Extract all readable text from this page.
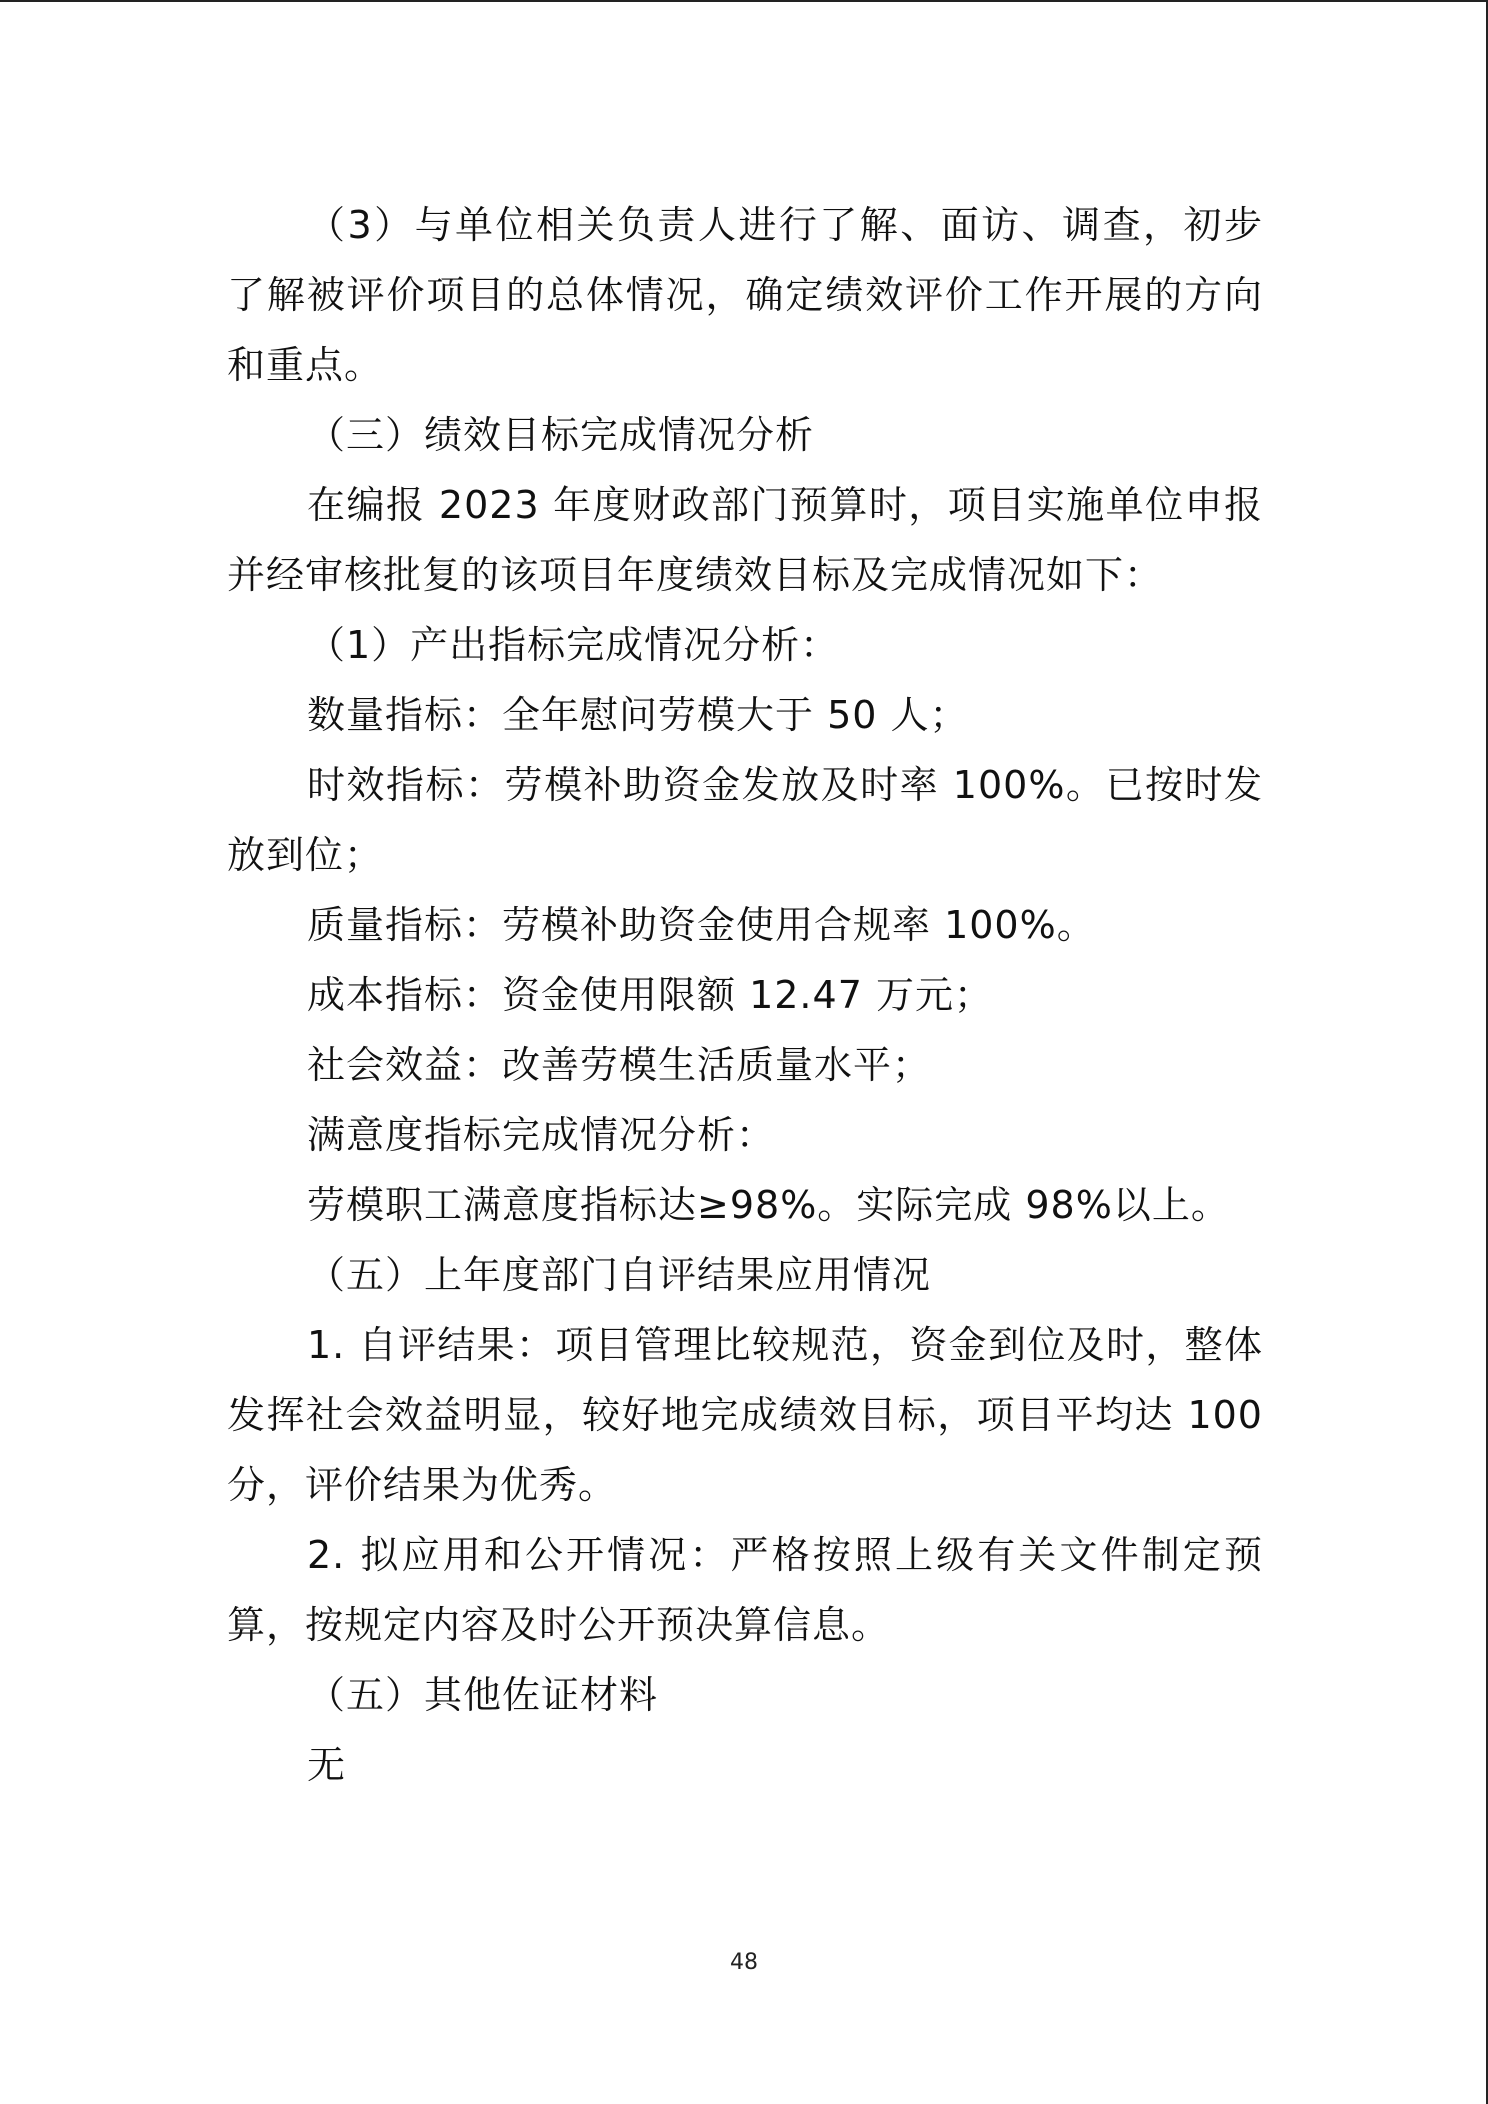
（3）与单位相关负责人进行了解、面访、调查，初步了解被评价项目的总体情况，确定绩效评价工作开展的方向和重点。

（三）绩效目标完成情况分析

在编报 2023 年度财政部门预算时，项目实施单位申报并经审核批复的该项目年度绩效目标及完成情况如下：

（1）产出指标完成情况分析：

数量指标：全年慰问劳模大于 50 人；

时效指标：劳模补助资金发放及时率 100%。已按时发放到位；

质量指标：劳模补助资金使用合规率 100%。

成本指标：资金使用限额 12.47 万元；

社会效益：改善劳模生活质量水平；

满意度指标完成情况分析：

劳模职工满意度指标达≥98%。实际完成 98%以上。

（五）上年度部门自评结果应用情况

1. 自评结果：项目管理比较规范，资金到位及时，整体发挥社会效益明显，较好地完成绩效目标，项目平均达 100 分，评价结果为优秀。

2. 拟应用和公开情况：严格按照上级有关文件制定预算，按规定内容及时公开预决算信息。

（五）其他佐证材料

无

48
